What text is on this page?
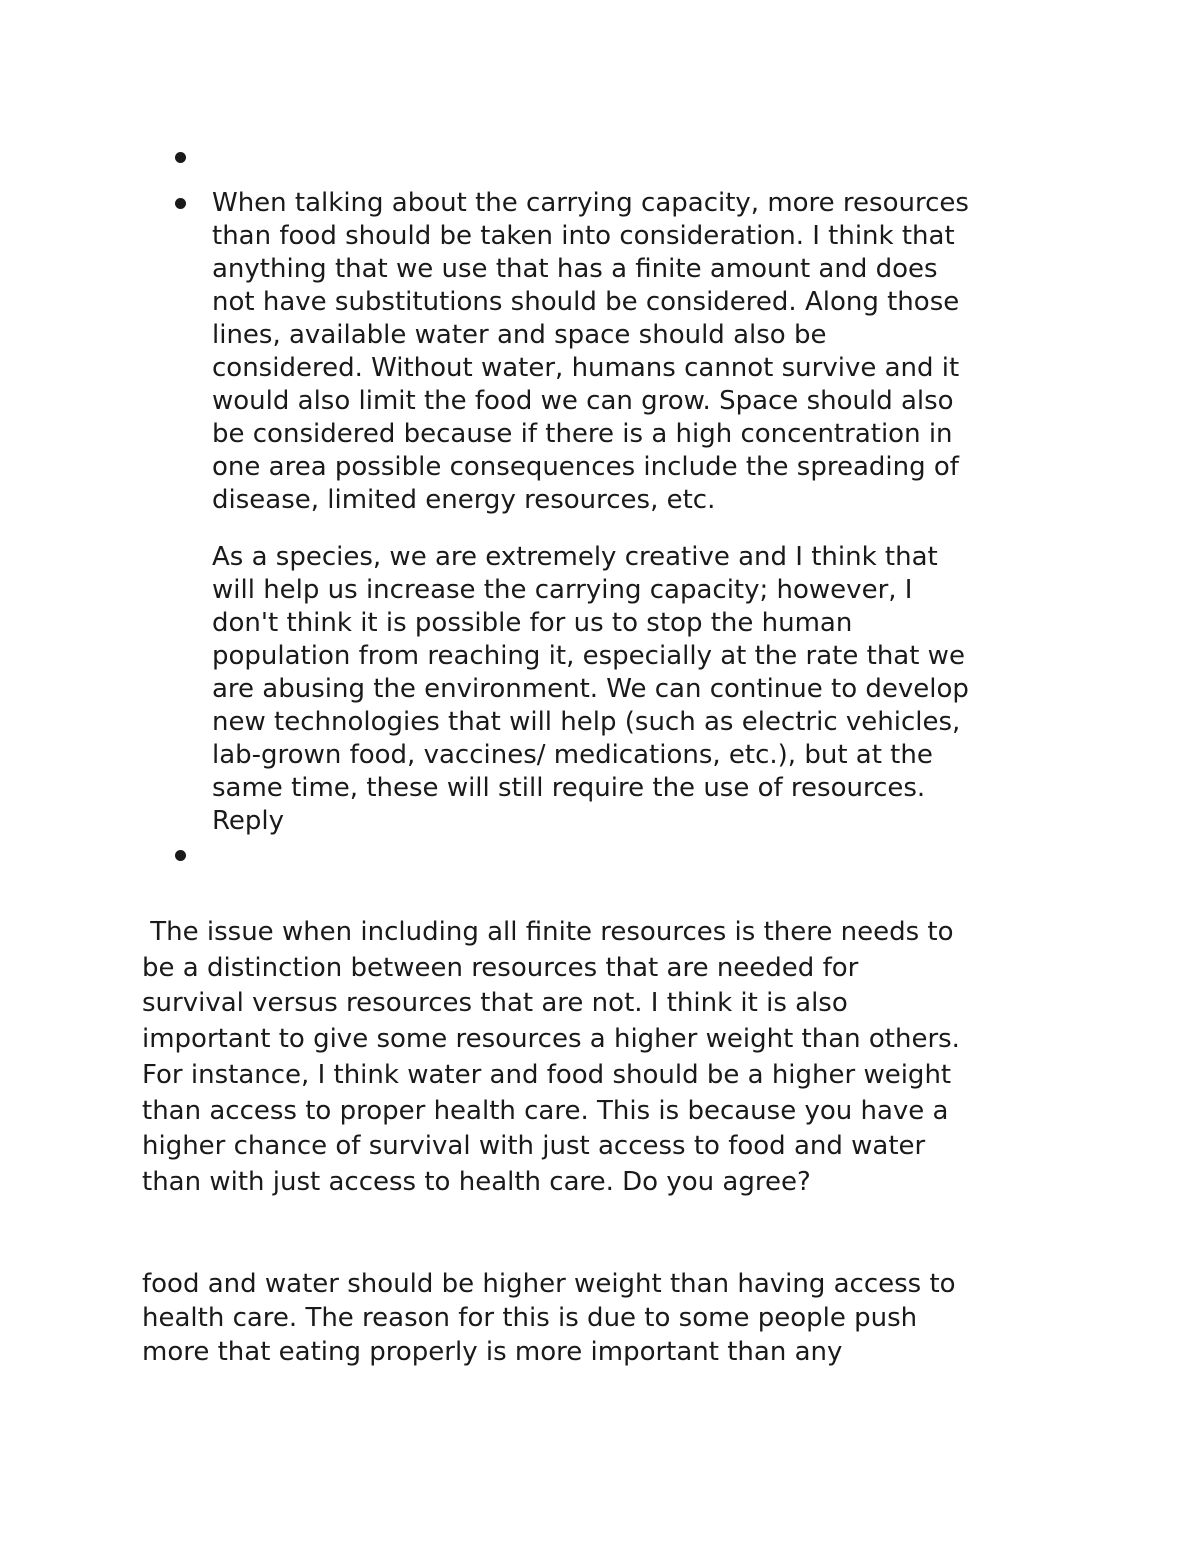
When talking about the carrying capacity, more resources
than food should be taken into consideration. I think that
anything that we use that has a finite amount and does
not have substitutions should be considered. Along those
lines, available water and space should also be
considered. Without water, humans cannot survive and it
would also limit the food we can grow. Space should also
be considered because if there is a high concentration in
one area possible consequences include the spreading of
disease, limited energy resources, etc.

As a species, we are extremely creative and I think that
will help us increase the carrying capacity; however, I
don't think it is possible for us to stop the human
population from reaching it, especially at the rate that we
are abusing the environment. We can continue to develop
new technologies that will help (such as electric vehicles,
lab-grown food, vaccines/ medications, etc.), but at the
same time, these will still require the use of resources.

Reply

The issue when including all finite resources is there needs to
be a distinction between resources that are needed for
survival versus resources that are not. I think it is also
important to give some resources a higher weight than others.
For instance, I think water and food should be a higher weight
than access to proper health care. This is because you have a
higher chance of survival with just access to food and water
than with just access to health care. Do you agree?

food and water should be higher weight than having access to
health care. The reason for this is due to some people push
more that eating properly is more important than any
